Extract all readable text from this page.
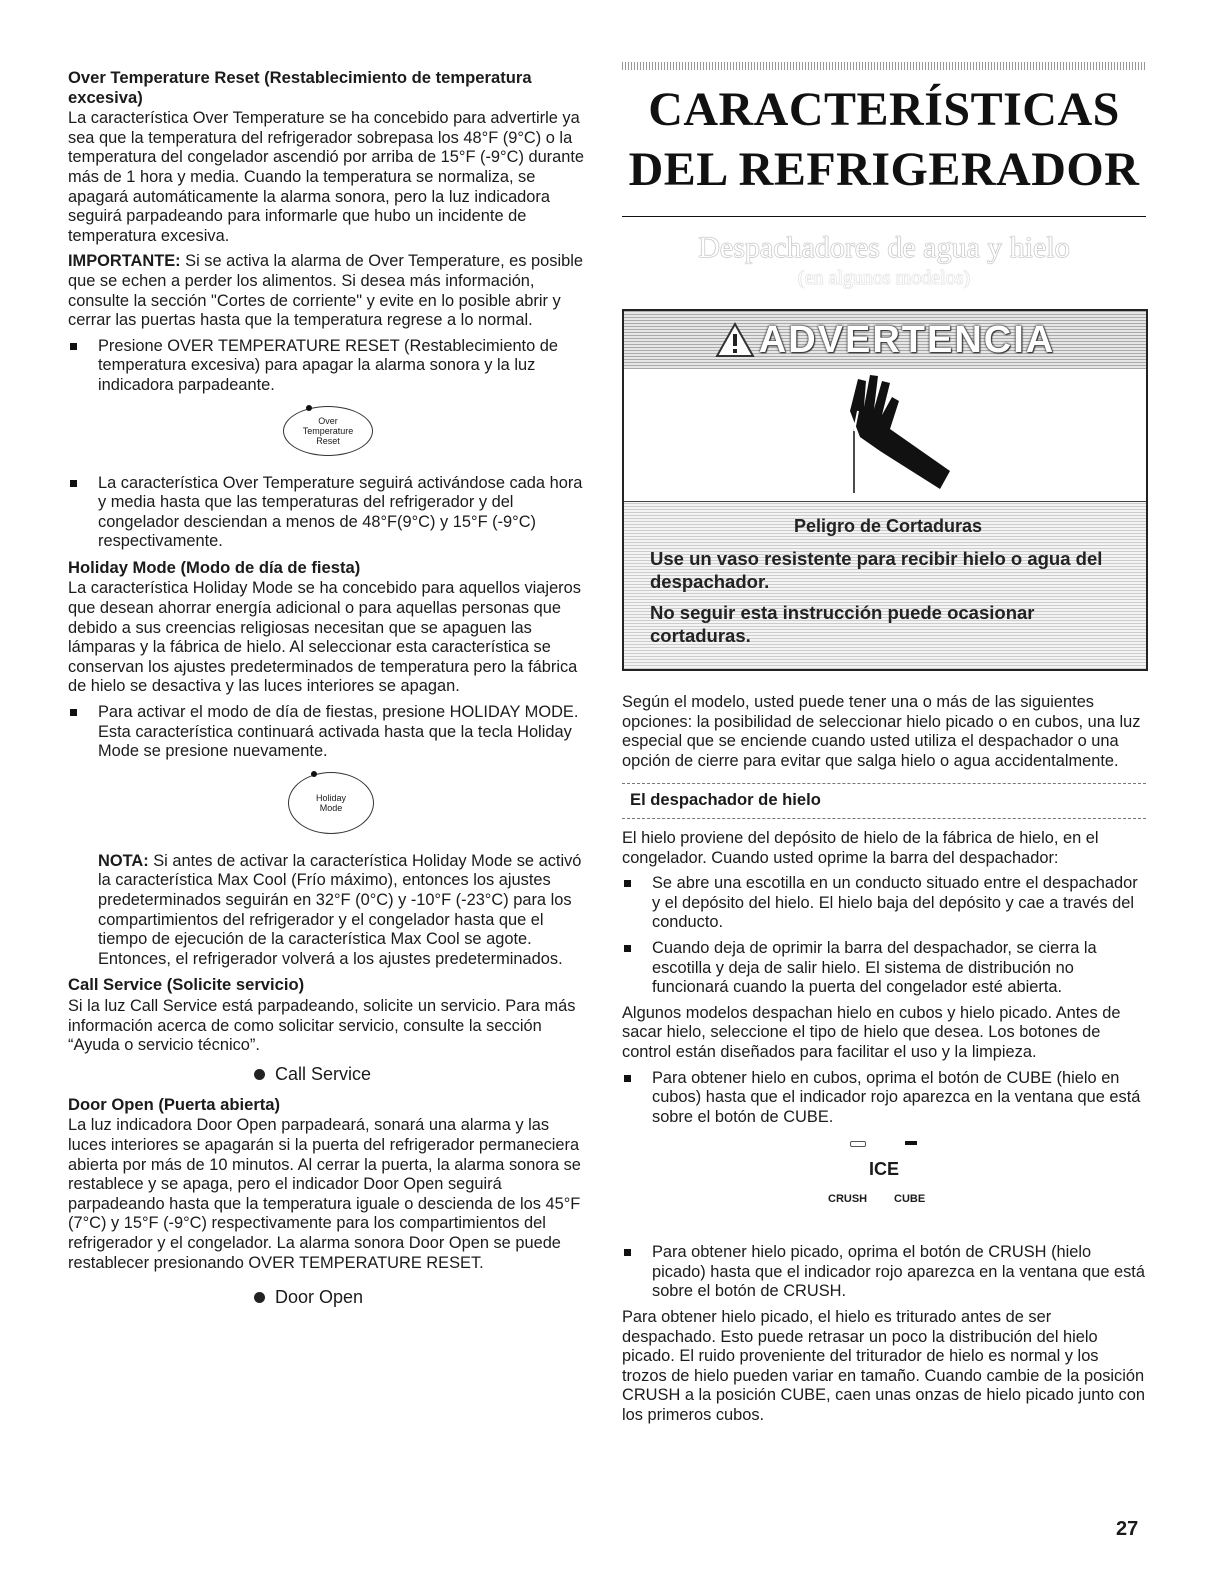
Over Temperature Reset (Restablecimiento de temperatura excesiva)

La característica Over Temperature se ha concebido para advertirle ya sea que la temperatura del refrigerador sobrepasa los 48°F (9°C) o la temperatura del congelador ascendió por arriba de 15°F (-9°C) durante más de 1 hora y media. Cuando la temperatura se normaliza, se apagará automáticamente la alarma sonora, pero la luz indicadora seguirá parpadeando para informarle que hubo un incidente de temperatura excesiva.

IMPORTANTE: Si se activa la alarma de Over Temperature, es posible que se echen a perder los alimentos. Si desea más información, consulte la sección "Cortes de corriente" y evite en lo posible abrir y cerrar las puertas hasta que la temperatura regrese a lo normal.

Presione OVER TEMPERATURE RESET (Restablecimiento de temperatura excesiva) para apagar la alarma sonora y la luz indicadora parpadeante.
Over
Temperature
Reset
La característica Over Temperature seguirá activándose cada hora y media hasta que las temperaturas del refrigerador y del congelador desciendan a menos de 48°F(9°C) y 15°F (-9°C) respectivamente.
Holiday Mode (Modo de día de fiesta)

La característica Holiday Mode se ha concebido para aquellos viajeros que desean ahorrar energía adicional o para aquellas personas que debido a sus creencias religiosas necesitan que se apaguen las lámparas y la fábrica de hielo. Al seleccionar esta característica se conservan los ajustes predeterminados de temperatura pero la fábrica de hielo se desactiva y las luces interiores se apagan.

Para activar el modo de día de fiestas, presione HOLIDAY MODE. Esta característica continuará activada hasta que la tecla Holiday Mode se presione nuevamente.
Holiday
Mode

NOTA: Si antes de activar la característica Holiday Mode se activó la característica Max Cool (Frío máximo), entonces los ajustes predeterminados seguirán en 32°F (0°C) y -10°F (-23°C) para los compartimientos del refrigerador y el congelador hasta que el tiempo de ejecución de la característica Max Cool se agote. Entonces, el refrigerador volverá a los ajustes predeterminados.

Call Service (Solicite servicio)

Si la luz Call Service está parpadeando, solicite un servicio. Para más información acerca de como solicitar servicio, consulte la sección “Ayuda o servicio técnico”.

Call Service
Door Open (Puerta abierta)

La luz indicadora Door Open parpadeará, sonará una alarma y las luces interiores se apagarán si la puerta del refrigerador permaneciera abierta por más de 10 minutos. Al cerrar la puerta, la alarma sonora se restablece y se apaga, pero el indicador Door Open seguirá parpadeando hasta que la temperatura iguale o descienda de los 45°F (7°C) y 15°F (-9°C) respectivamente para los compartimientos del refrigerador y el congelador. La alarma sonora Door Open se puede restablecer presionando OVER TEMPERATURE RESET.

Door Open
CARACTERÍSTICAS
DEL REFRIGERADOR
Despachadores de agua y hielo
(en algunos modelos)
ADVERTENCIA
Peligro de Cortaduras
Use un vaso resistente para recibir hielo o agua del despachador.
No seguir esta instrucción puede ocasionar cortaduras.

Según el modelo, usted puede tener una o más de las siguientes opciones: la posibilidad de seleccionar hielo picado o en cubos, una luz especial que se enciende cuando usted utiliza el despachador o una opción de cierre para evitar que salga hielo o agua accidentalmente.

El despachador de hielo

El hielo proviene del depósito de hielo de la fábrica de hielo, en el congelador. Cuando usted oprime la barra del despachador:

Se abre una escotilla en un conducto situado entre el despachador y el depósito del hielo. El hielo baja del depósito y cae a través del conducto.
Cuando deja de oprimir la barra del despachador, se cierra la escotilla y deja de salir hielo. El sistema de distribución no funcionará cuando la puerta del congelador esté abierta.

Algunos modelos despachan hielo en cubos y hielo picado. Antes de sacar hielo, seleccione el tipo de hielo que desea. Los botones de control están diseñados para facilitar el uso y la limpieza.

Para obtener hielo en cubos, oprima el botón de CUBE (hielo en cubos) hasta que el indicador rojo aparezca en la ventana que está sobre el botón de CUBE.
ICE
CRUSH CUBE
Para obtener hielo picado, oprima el botón de CRUSH (hielo picado) hasta que el indicador rojo aparezca en la ventana que está sobre el botón de CRUSH.

Para obtener hielo picado, el hielo es triturado antes de ser despachado. Esto puede retrasar un poco la distribución del hielo picado. El ruido proveniente del triturador de hielo es normal y los trozos de hielo pueden variar en tamaño. Cuando cambie de la posición CRUSH a la posición CUBE, caen unas onzas de hielo picado junto con los primeros cubos.

27
